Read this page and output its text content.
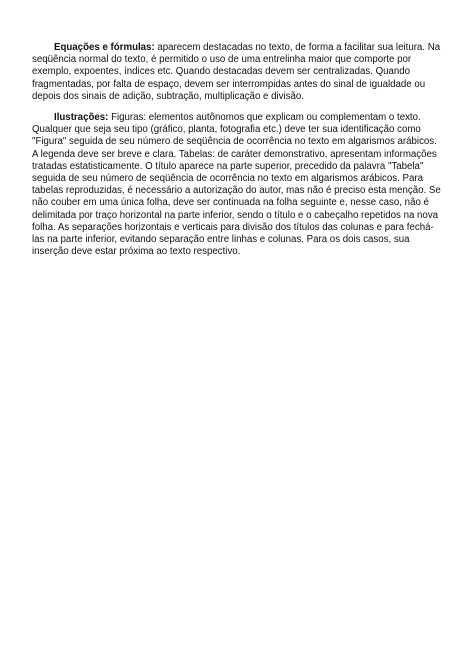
Equações e fórmulas: aparecem destacadas no texto, de forma a facilitar sua leitura. Na seqüência normal do texto, é permitido o uso de uma entrelinha maior que comporte por exemplo, expoentes, índices etc. Quando destacadas devem ser centralizadas. Quando fragmentadas, por falta de espaço, devem ser interrompidas antes do sinal de igualdade ou depois dos sinais de adição, subtração, multiplicação e divisão.

Ilustrações: Figuras: elementos autônomos que explicam ou complementam o texto. Qualquer que seja seu tipo (gráfico, planta, fotografia etc.) deve ter sua identificação como "Figura" seguida de seu número de seqüência de ocorrência no texto em algarismos arábicos. A legenda deve ser breve e clara. Tabelas: de caráter demonstrativo, apresentam informações tratadas estatisticamente. O título aparece na parte superior, precedido da palavra "Tabela" seguida de seu número de seqüência de ocorrência no texto em algarismos arábicos. Para tabelas reproduzidas, é necessário a autorização do autor, mas não é preciso esta menção. Se não couber em uma única folha, deve ser continuada na folha seguinte e, nesse caso, não é delimitada por traço horizontal na parte inferior, sendo o título e o cabeçalho repetidos na nova folha. As separações horizontais e verticais para divisão dos títulos das colunas e para fechá-las na parte inferior, evitando separação entre linhas e colunas. Para os dois casos, sua inserção deve estar próxima ao texto respectivo.
